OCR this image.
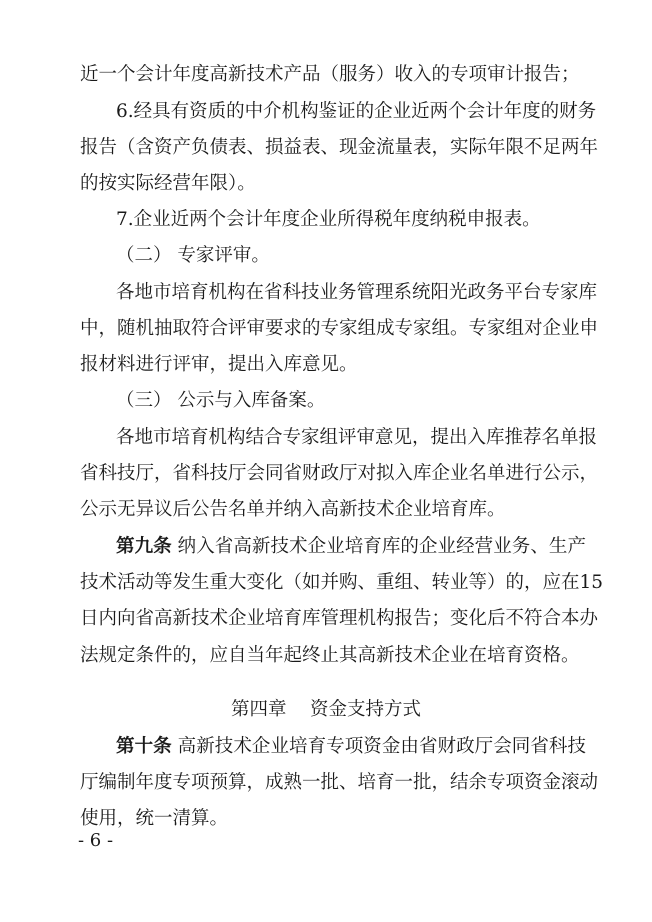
近一个会计年度高新技术产品（服务）收入的专项审计报告；
6.经具有资质的中介机构鉴证的企业近两个会计年度的财务
报告（含资产负债表、损益表、现金流量表，实际年限不足两年
的按实际经营年限）。
7.企业近两个会计年度企业所得税年度纳税申报表。
（二） 专家评审。
各地市培育机构在省科技业务管理系统阳光政务平台专家库
中，随机抽取符合评审要求的专家组成专家组。专家组对企业申
报材料进行评审，提出入库意见。
（三） 公示与入库备案。
各地市培育机构结合专家组评审意见，提出入库推荐名单报
省科技厅，省科技厅会同省财政厅对拟入库企业名单进行公示，
公示无异议后公告名单并纳入高新技术企业培育库。
第九条 纳入省高新技术企业培育库的企业经营业务、生产
技术活动等发生重大变化（如并购、重组、转业等）的，应在15
日内向省高新技术企业培育库管理机构报告；变化后不符合本办
法规定条件的，应自当年起终止其高新技术企业在培育资格。
第四章    资金支持方式
第十条 高新技术企业培育专项资金由省财政厅会同省科技
厅编制年度专项预算，成熟一批、培育一批，结余专项资金滚动
使用，统一清算。
- 6 -
